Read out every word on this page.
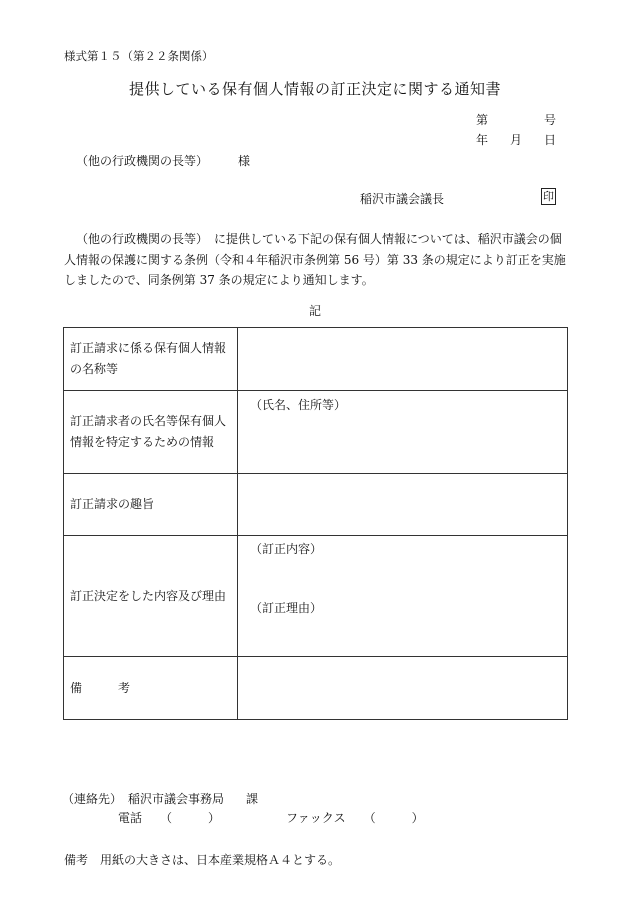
様式第１５（第２２条関係）
提供している保有個人情報の訂正決定に関する通知書
第	号
年 月 日
（他の行政機関の長等）	様
稲沢市議会議長	印
（他の行政機関の長等）　に提供している下記の保有個人情報については、稲沢市議会の個人情報の保護に関する条例（令和４年稲沢市条例第 56 号）第 33 条の規定により訂正を実施しましたので、同条例第 37 条の規定により通知します。
記
訂正請求に係る保有個人情報の名称等	
訂正請求者の氏名等保有個人情報を特定するための情報	（氏名、住所等）

訂正請求の趣旨	
訂正決定をした内容及び理由	（訂正内容）
（訂正理由）

備　　　考	
（連絡先） 稲沢市議会事務局 課
電話 （　　　）	ファックス （　　　）
備考　用紙の大きさは、日本産業規格Ａ４とする。
